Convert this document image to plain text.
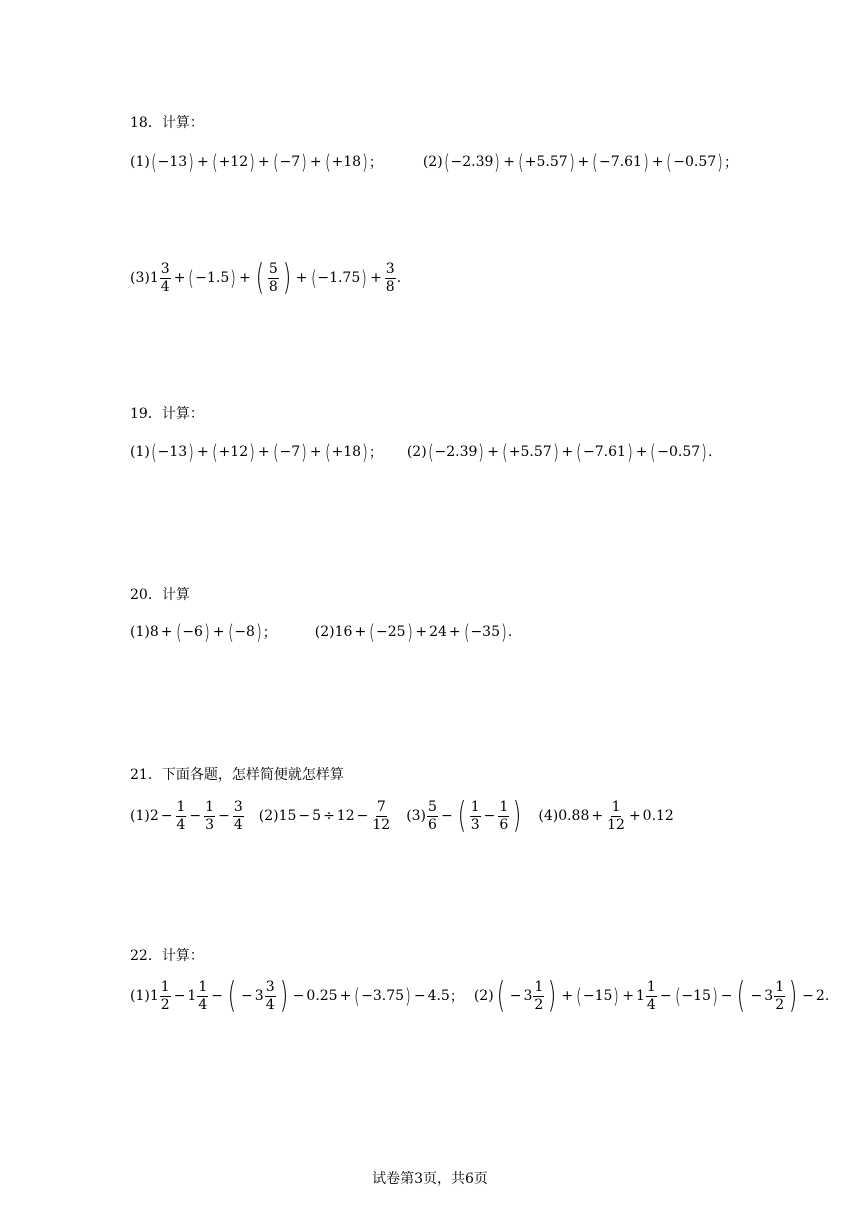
18．计算：
19．计算：
20．计算
21．下面各题，怎样简便就怎样算
22．计算：
(1) ( −13 ) + ( +12 ) + ( −7 ) + ( +18 ) ；	(2) ( −2.39 ) + ( +5.57 ) + ( −7.61 ) + ( −0.57 ) ；
(3) $1 \frac{3}{4}$ + ( −1.5 ) + ( $\frac{5}{8}$ ) + ( −1.75 ) + $\frac{3}{8}$ .
(1) ( −13 ) + ( +12 ) + ( −7 ) + ( +18 ) ； (2) ( −2.39 ) + ( +5.57 ) + ( −7.61 ) + ( −0.57 ) .
(1) 8 + ( −6 ) + ( −8 ) ；	(2) 16 + ( −25 ) + 24 + ( −35 ) .
(1) $2 - \frac{1}{4} - \frac{1}{3} - \frac{3}{4} (2) 15 - 5 \div 12 - \frac{7}{12} (3) \frac{5}{6}$ − ( $\frac{1}{3} - \frac{1}{6}$ ) (4) $0.88 + \frac{1}{12} + 0.12$
(1) $1 \frac{1}{2} - 1 \frac{1}{4}$ − ( − $3 \frac{3}{4}$ ) − 0.25 + ( −3.75 ) − 4.5 ； (2) ( − $3 \frac{1}{2}$ ) + ( −15 ) + $1 \frac{1}{4}$ − ( −15 ) − ( − $3 \frac{1}{2}$ ) − 2 .
试卷第3页，共6页
